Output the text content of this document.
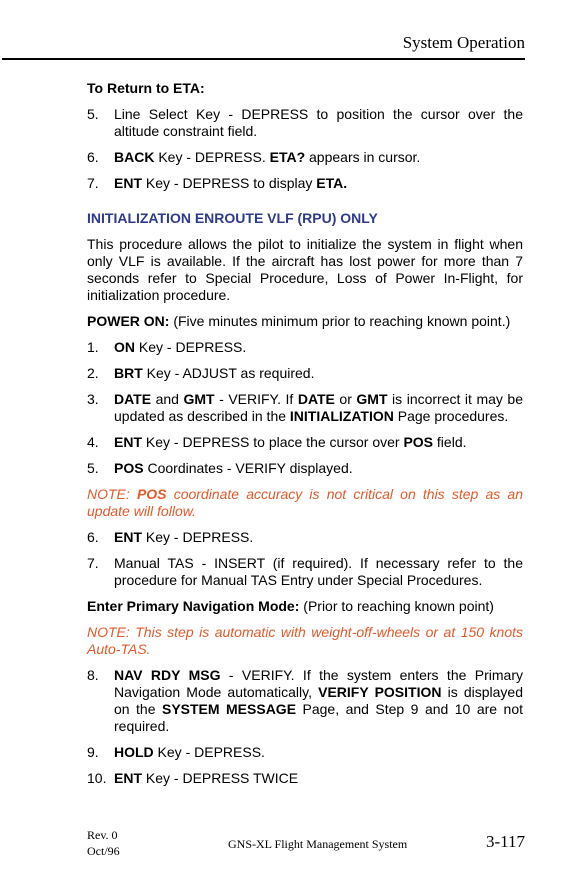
System Operation
To Return to ETA:
5.	Line Select Key - DEPRESS to position the cursor over the altitude constraint field.
6.	BACK Key - DEPRESS. ETA? appears in cursor.
7.	ENT Key - DEPRESS to display ETA.
INITIALIZATION ENROUTE VLF (RPU) ONLY
This procedure allows the pilot to initialize the system in flight when only VLF is available. If the aircraft has lost power for more than 7 seconds refer to Special Procedure, Loss of Power In-Flight, for initialization procedure.
POWER ON: (Five minutes minimum prior to reaching known point.)
1.	ON Key - DEPRESS.
2.	BRT Key - ADJUST as required.
3.	DATE and GMT - VERIFY. If DATE or GMT is incorrect it may be updated as described in the INITIALIZATION Page procedures.
4.	ENT Key - DEPRESS to place the cursor over POS field.
5.	POS Coordinates - VERIFY displayed.
NOTE: POS coordinate accuracy is not critical on this step as an update will follow.
6.	ENT Key - DEPRESS.
7.	Manual TAS - INSERT (if required). If necessary refer to the procedure for Manual TAS Entry under Special Procedures.
Enter Primary Navigation Mode: (Prior to reaching known point)
NOTE: This step is automatic with weight-off-wheels or at 150 knots Auto-TAS.
8.	NAV RDY MSG - VERIFY. If the system enters the Primary Navigation Mode automatically, VERIFY POSITION is displayed on the SYSTEM MESSAGE Page, and Step 9 and 10 are not required.
9.	HOLD Key - DEPRESS.
10. ENT Key - DEPRESS TWICE
Rev. 0
Oct/96	GNS-XL Flight Management System	3-117
